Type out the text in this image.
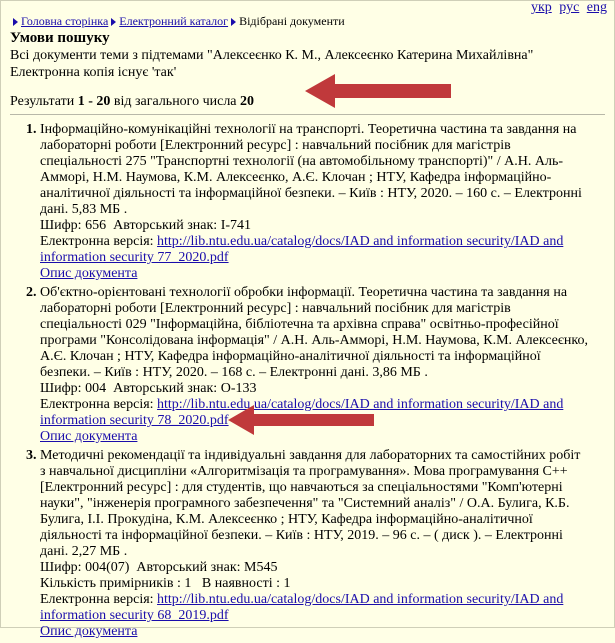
укр рус eng
Головна сторінка Електронний каталог Відібрані документи
Умови пошуку
Всі документи теми з підтемами "Алексеєнко К. М., Алексеєнко Катерина Михайлівна"
Електронна копія існує 'так'
Результати 1 - 20 від загального числа 20
1. Інформаційно-комунікаційні технології на транспорті. Теоретична частина та завдання на лабораторні роботи [Електронний ресурс] : навчальний посібник для магістрів спеціальності 275 "Транспортні технології (на автомобільному транспорті)" / А.Н. Аль-Амморі, Н.М. Наумова, К.М. Алексеєнко, А.Є. Клочан ; НТУ, Кафедра інформаційно-аналітичної діяльності та інформаційної безпеки. – Київ : НТУ, 2020. – 160 с. – Електронні дані. 5,83 МБ .
Шифр: 656 Авторський знак: І-741
Електронна версія: http://lib.ntu.edu.ua/catalog/docs/IAD and information security/IAD and information security 77_2020.pdf
Опис документа
2. Об'єктно-орієнтовані технології обробки інформації. Теоретична частина та завдання на лабораторні роботи [Електронний ресурс] : навчальний посібник для магістрів спеціальності 029 "Інформаційна, бібліотечна та архівна справа" освітньо-професійної програми "Консолідована інформація" / А.Н. Аль-Амморі, Н.М. Наумова, К.М. Алексеєнко, А.Є. Клочан ; НТУ, Кафедра інформаційно-аналітичної діяльності та інформаційної безпеки. – Київ : НТУ, 2020. – 168 с. – Електронні дані. 3,86 МБ .
Шифр: 004 Авторський знак: О-133
Електронна версія: http://lib.ntu.edu.ua/catalog/docs/IAD and information security/IAD and information security 78_2020.pdf
Опис документа
3. Методичні рекомендації та індивідуальні завдання для лабораторних та самостійних робіт з навчальної дисципліни «Алгоритмізація та програмування». Мова програмування С++ [Електронний ресурс] : для студентів, що навчаються за спеціальностями "Комп'ютерні науки", "інженерія програмного забезпечення" та "Системний аналіз" / О.А. Булига, К.Б. Булига, І.І. Прокудіна, К.М. Алексеєнко ; НТУ, Кафедра інформаційно-аналітичної діяльності та інформаційної безпеки. – Київ : НТУ, 2019. – 96 с. – ( диск ). – Електронні дані. 2,27 МБ .
Шифр: 004(07) Авторський знак: M545
Кількість примірників : 1 В наявності : 1
Електронна версія: http://lib.ntu.edu.ua/catalog/docs/IAD and information security/IAD and information security 68_2019.pdf
Опис документа
